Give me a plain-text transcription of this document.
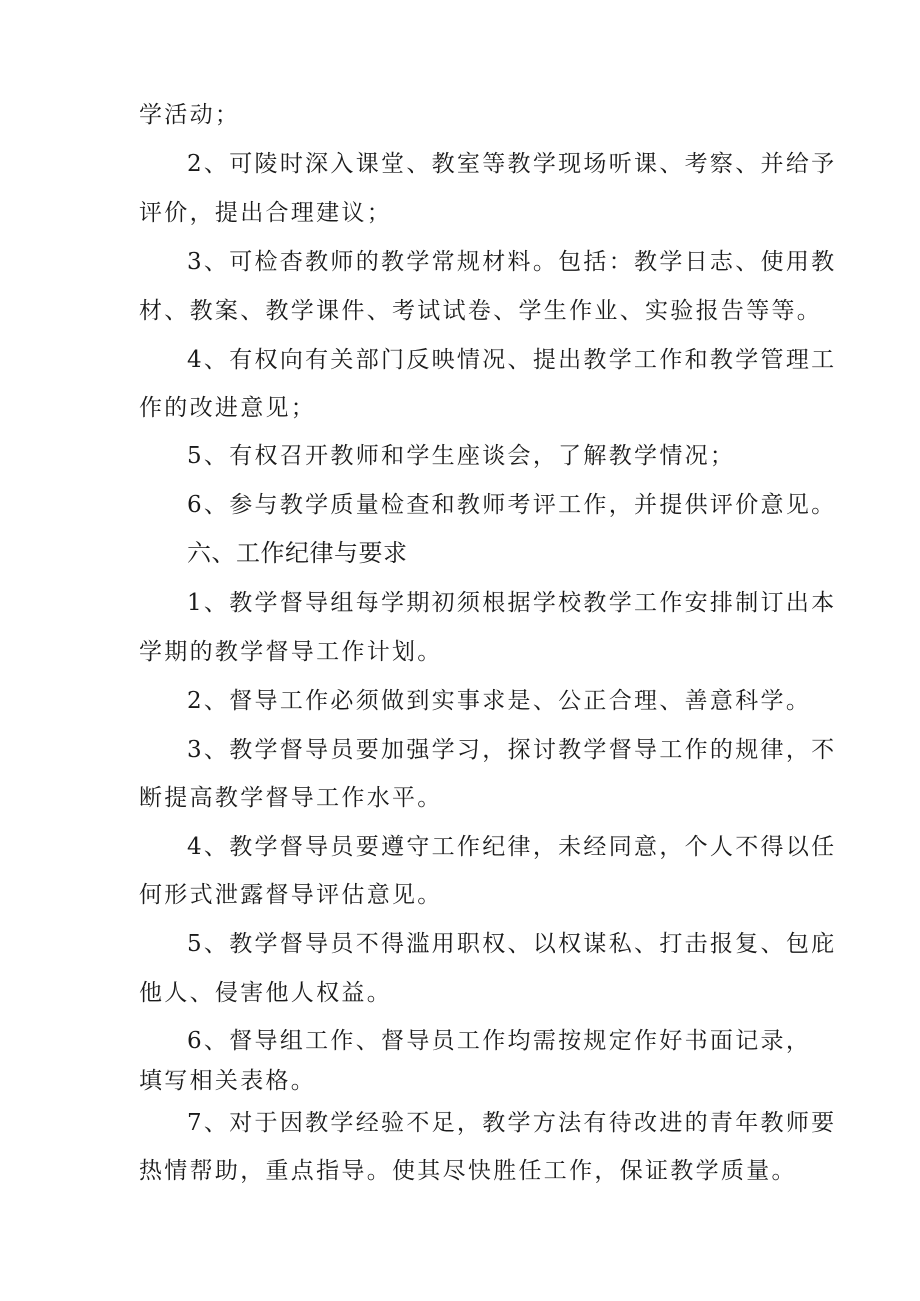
学活动；
2、可陵时深入课堂、教室等教学现场听课、考察、并给予
评价，提出合理建议；
3、可检杳教师的教学常规材料。包括：教学日志、使用教
材、教案、教学课件、考试试卷、学生作业、实验报告等等。
4、有权向有关部门反映情况、提出教学工作和教学管理工
作的改进意见；
5、有权召开教师和学生座谈会，了解教学情况；
6、参与教学质量检查和教师考评工作，并提供评价意见。
六、工作纪律与要求
1、教学督导组每学期初须根据学校教学工作安排制订出本
学期的教学督导工作计划。
2、督导工作必须做到实事求是、公正合理、善意科学。
3、教学督导员要加强学习，探讨教学督导工作的规律，不
断提高教学督导工作水平。
4、教学督导员要遵守工作纪律，未经同意，个人不得以任
何形式泄露督导评估意见。
5、教学督导员不得滥用职权、以权谋私、打击报复、包庇
他人、侵害他人权益。
6、督导组工作、督导员工作均需按规定作好书面记录，
填写相关表格。
7、对于因教学经验不足，教学方法有待改进的青年教师要
热情帮助，重点指导。使其尽快胜任工作，保证教学质量。
